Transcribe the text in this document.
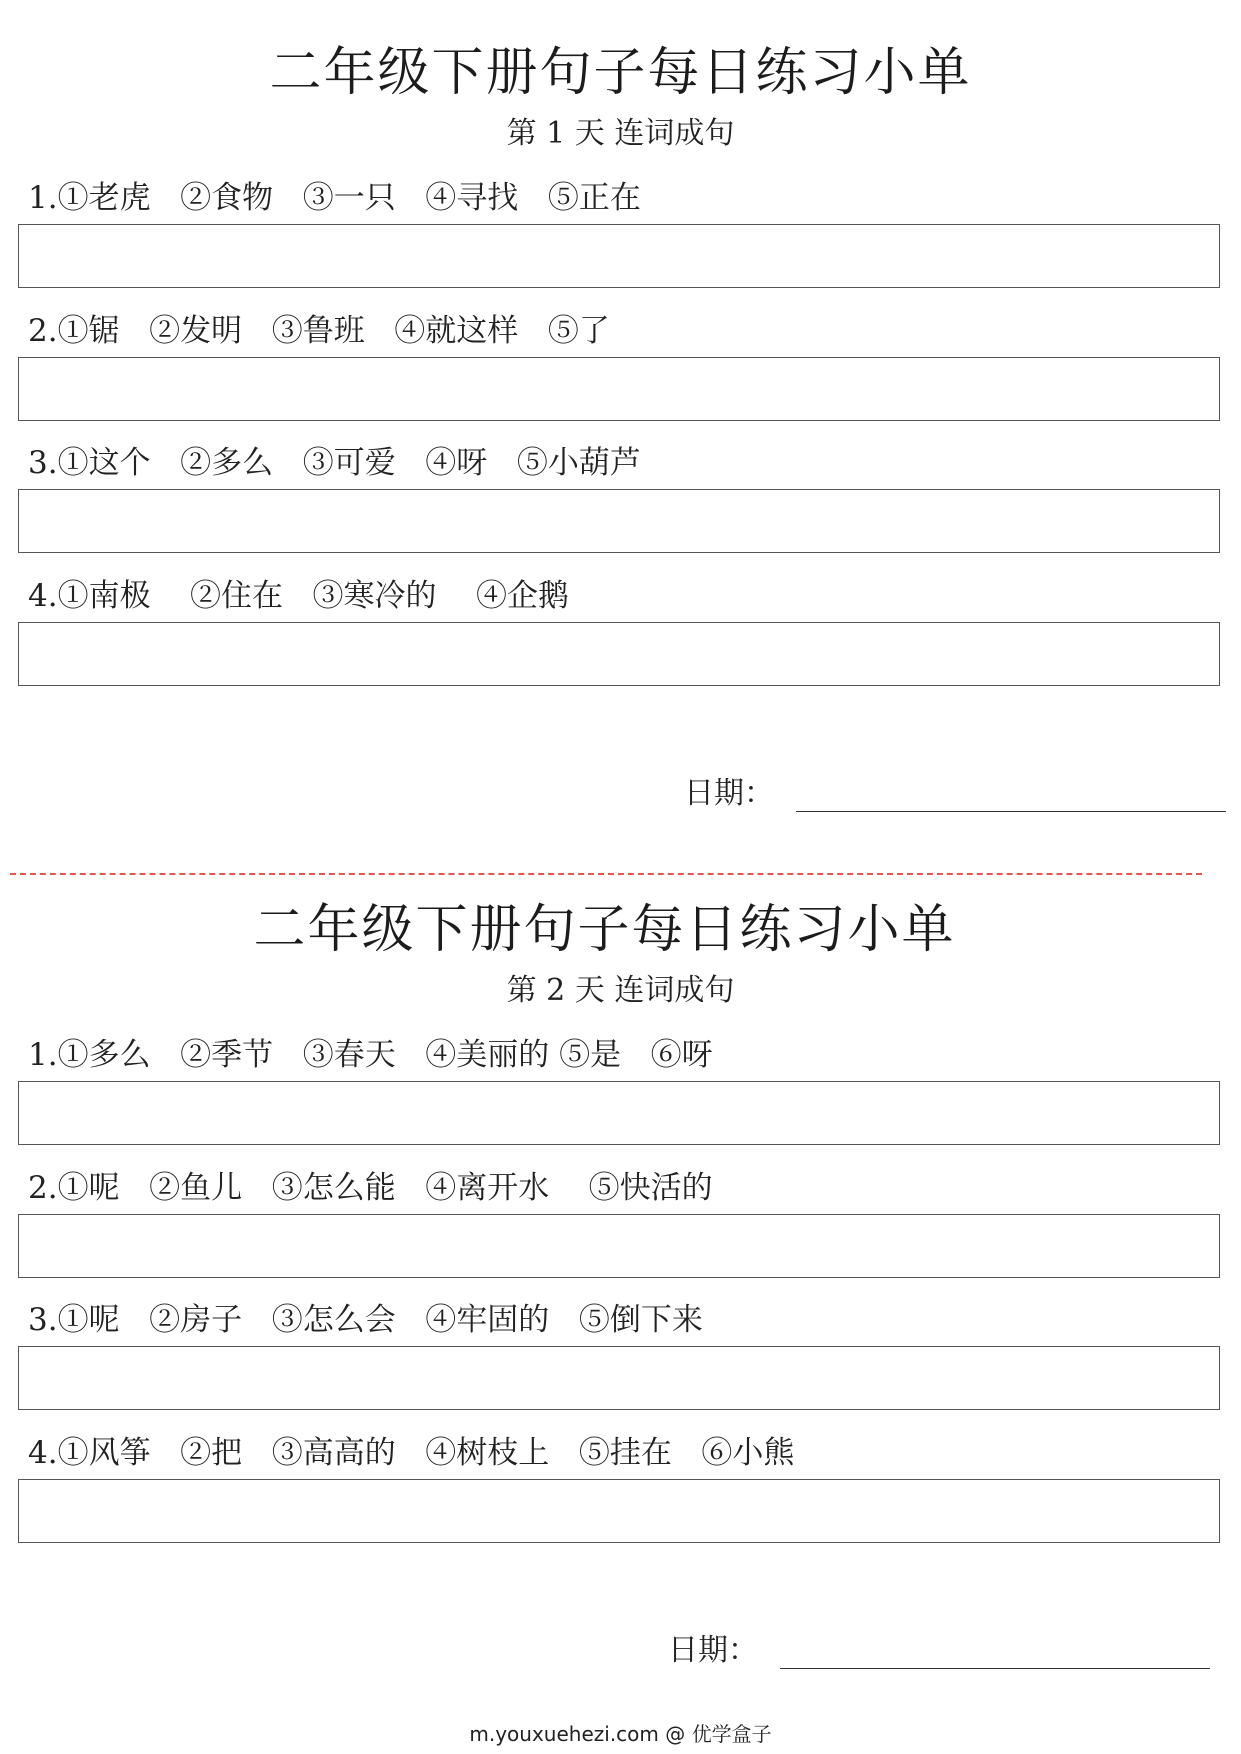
二年级下册句子每日练习小单
第 1 天 连词成句
1.①老虎   ②食物   ③一只   ④寻找   ⑤正在
2.①锯   ②发明   ③鲁班   ④就这样   ⑤了
3.①这个   ②多么   ③可爱   ④呀   ⑤小葫芦
4.①南极    ②住在   ③寒冷的    ④企鹅
日期：
二年级下册句子每日练习小单
第 2 天 连词成句
1.①多么   ②季节   ③春天   ④美丽的 ⑤是   ⑥呀
2.①呢   ②鱼儿   ③怎么能   ④离开水    ⑤快活的
3.①呢   ②房子   ③怎么会   ④牢固的   ⑤倒下来
4.①风筝   ②把   ③高高的   ④树枝上   ⑤挂在   ⑥小熊
日期：
m.youxuehezi.com @ 优学盒子
